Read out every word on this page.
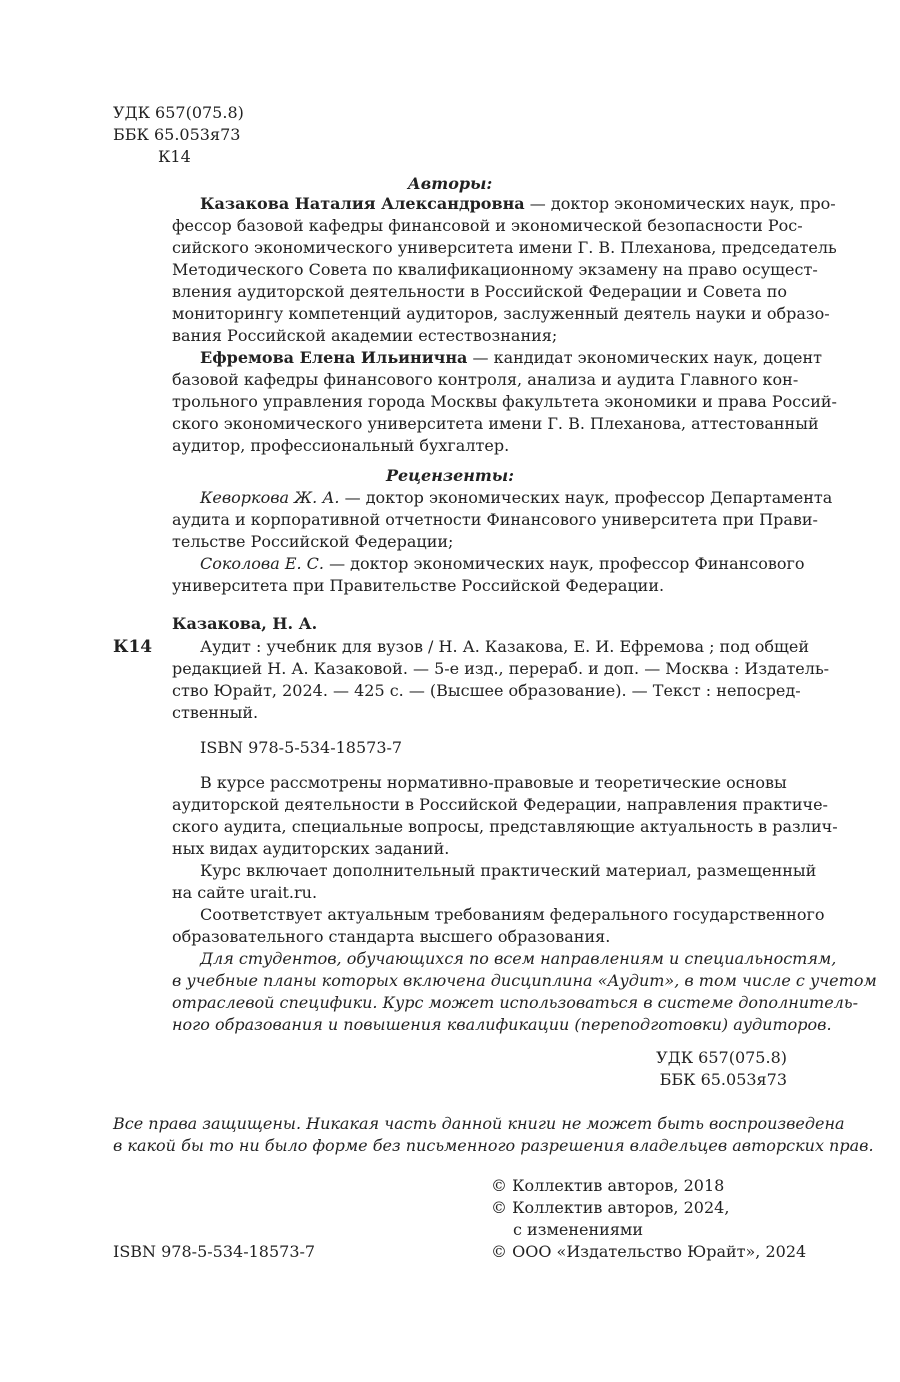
УДК 657(075.8)
ББК 65.053я73
К14
Авторы:
Казакова Наталия Александровна — доктор экономических наук, про-
фессор базовой кафедры финансовой и экономической безопасности Рос-
сийского экономического университета имени Г. В. Плеханова, председатель
Методического Совета по квалификационному экзамену на право осущест-
вления аудиторской деятельности в Российской Федерации и Совета по
мониторингу компетенций аудиторов, заслуженный деятель науки и образо-
вания Российской академии естествознания;
Ефремова Елена Ильинична — кандидат экономических наук, доцент
базовой кафедры финансового контроля, анализа и аудита Главного кон-
трольного управления города Москвы факультета экономики и права Россий-
ского экономического университета имени Г. В. Плеханова, аттестованный
аудитор, профессиональный бухгалтер.
Рецензенты:
Кеворкова Ж. А. — доктор экономических наук, профессор Департамента
аудита и корпоративной отчетности Финансового университета при Прави-
тельстве Российской Федерации;
Соколова Е. С. — доктор экономических наук, профессор Финансового
университета при Правительстве Российской Федерации.
Казакова, Н. А.
К14	Аудит : учебник для вузов / Н. А. Казакова, Е. И. Ефремова ; под общей
редакцией Н. А. Казаковой. — 5-е изд., перераб. и доп. — Москва : Издатель-
ство Юрайт, 2024. — 425 с. — (Высшее образование). — Текст : непосред-
ственный.
ISBN 978-5-534-18573-7
В курсе рассмотрены нормативно-правовые и теоретические основы
аудиторской деятельности в Российской Федерации, направления практиче-
ского аудита, специальные вопросы, представляющие актуальность в различ-
ных видах аудиторских заданий.
Курс включает дополнительный практический материал, размещенный
на сайте urait.ru.
Соответствует актуальным требованиям федерального государственного
образовательного стандарта высшего образования.
Для студентов, обучающихся по всем направлениям и специальностям,
в учебные планы которых включена дисциплина «Аудит», в том числе с учетом
отраслевой специфики. Курс может использоваться в системе дополнитель-
ного образования и повышения квалификации (переподготовки) аудиторов.
УДК 657(075.8)
ББК 65.053я73
Все права защищены. Никакая часть данной книги не может быть воспроизведена
в какой бы то ни было форме без письменного разрешения владельцев авторских прав.
© Коллектив авторов, 2018
© Коллектив авторов, 2024,
с изменениями
© ООО «Издательство Юрайт», 2024
ISBN 978-5-534-18573-7
